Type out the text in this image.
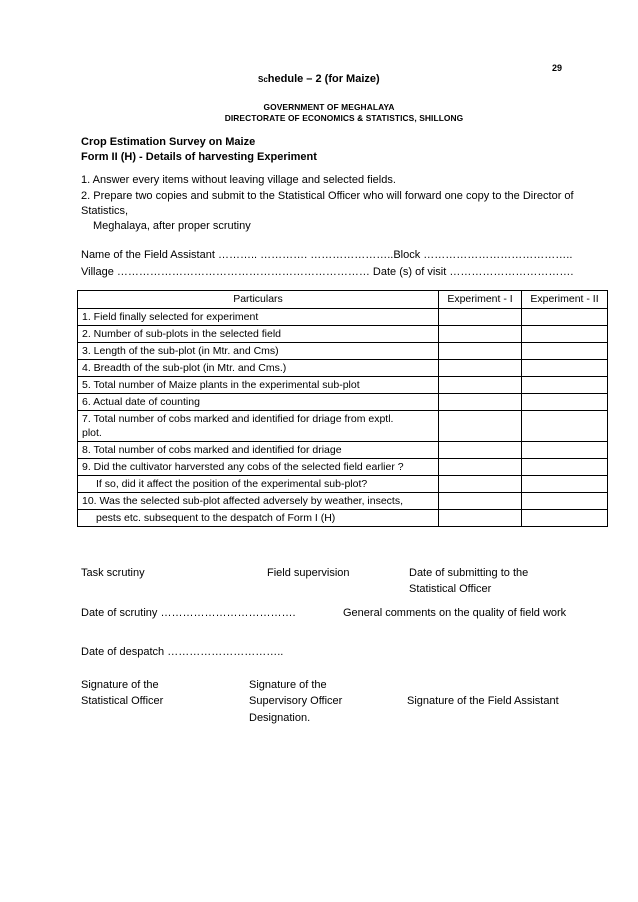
29
Schedule – 2 (for Maize)
GOVERNMENT OF MEGHALAYA
DIRECTORATE OF ECONOMICS & STATISTICS, SHILLONG
Crop Estimation Survey on Maize
Form II (H) - Details of harvesting Experiment
1. Answer every items without leaving village and selected fields.
2. Prepare two copies and submit to the Statistical Officer who will forward one copy to the Director of
Statistics,
Meghalaya, after proper scrutiny
Name of the Field Assistant ……….. …………. …………………..Block …………………………………..
Village …………………………………………………………… Date (s) of visit …………………………….
Particulars	Experiment - I	Experiment - II

1. Field finally selected for experiment		

2. Number of sub-plots in the selected field		

3. Length of the sub-plot (in Mtr. and Cms)		

4. Breadth of the sub-plot (in Mtr. and Cms.)		

5. Total number of Maize plants in the experimental sub-plot		

6. Actual date of counting		

7. Total number of cobs marked and identified for driage from exptl.
plot.		

8. Total number of cobs marked and identified for driage		

9. Did the cultivator harversted any cobs of the selected field earlier ?		

If so, did it affect the position of the experimental sub-plot?		

10. Was the selected sub-plot affected adversely by weather, insects,		

pests etc. subsequent to the despatch of Form I (H)		

Task scrutiny	Field supervision	Date of submitting to the
Statistical Officer
Date of scrutiny ……………………………….	General comments on the quality of field work
Date of despatch …………………………..
Signature of the
Statistical Officer
Signature of the
Supervisory Officer
Designation.
Signature of the Field Assistant
